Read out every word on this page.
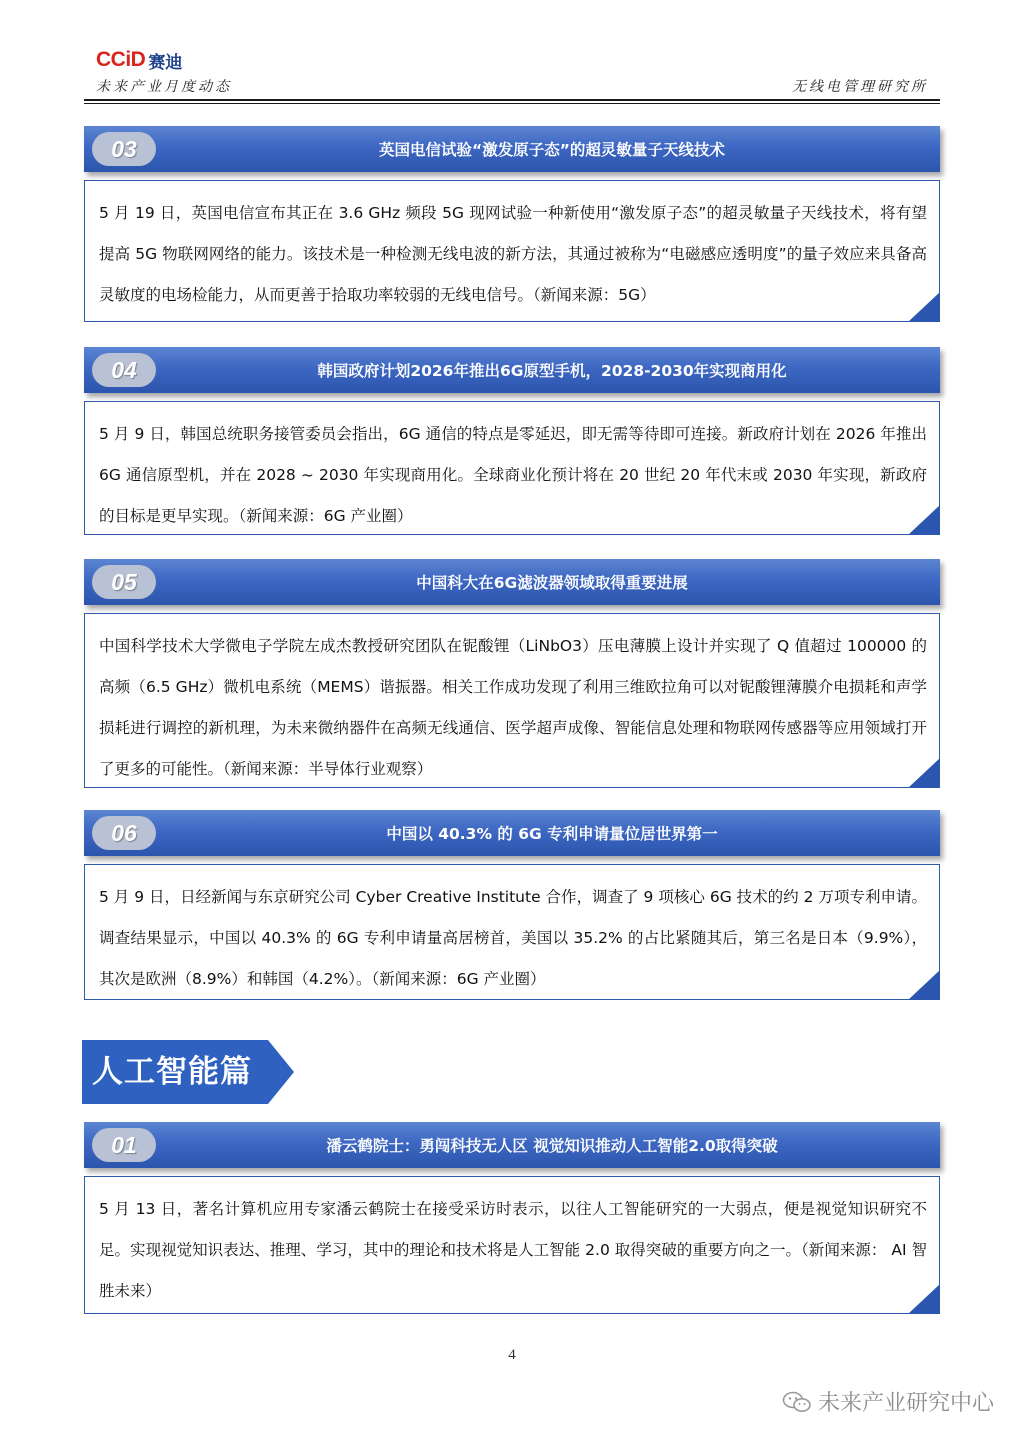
CCiD 赛迪
未来产业月度动态	无线电管理研究所
03	英国电信试验“激发原子态”的超灵敏量子天线技术

5 月 19 日，英国电信宣布其正在 3.6 GHz 频段 5G 现网试验一种新使用“激发原子态”的超灵敏量子天线技术，将有望提高 5G 物联网网络的能力。该技术是一种检测无线电波的新方法，其通过被称为“电磁感应透明度”的量子效应来具备高灵敏度的电场检能力，从而更善于拾取功率较弱的无线电信号。（新闻来源：5G）

04	韩国政府计划2026年推出6G原型手机，2028-2030年实现商用化

5 月 9 日，韩国总统职务接管委员会指出，6G 通信的特点是零延迟，即无需等待即可连接。新政府计划在 2026 年推出 6G 通信原型机，并在 2028 ~ 2030 年实现商用化。全球商业化预计将在 20 世纪 20 年代末或 2030 年实现，新政府的目标是更早实现。（新闻来源：6G 产业圈）

05	中国科大在6G滤波器领域取得重要进展

中国科学技术大学微电子学院左成杰教授研究团队在铌酸锂（LiNbO3）压电薄膜上设计并实现了 Q 值超过 100000 的高频（6.5 GHz）微机电系统（MEMS）谐振器。相关工作成功发现了利用三维欧拉角可以对铌酸锂薄膜介电损耗和声学损耗进行调控的新机理，为未来微纳器件在高频无线通信、医学超声成像、智能信息处理和物联网传感器等应用领域打开了更多的可能性。（新闻来源：半导体行业观察）

06	中国以 40.3% 的 6G 专利申请量位居世界第一

5 月 9 日，日经新闻与东京研究公司 Cyber Creative Institute 合作，调查了 9 项核心 6G 技术的约 2 万项专利申请。调查结果显示，中国以 40.3% 的 6G 专利申请量高居榜首，美国以 35.2% 的占比紧随其后，第三名是日本（9.9%），其次是欧洲（8.9%）和韩国（4.2%）。（新闻来源：6G 产业圈）

人工智能篇
01	潘云鹤院士：勇闯科技无人区 视觉知识推动人工智能2.0取得突破

5 月 13 日，著名计算机应用专家潘云鹤院士在接受采访时表示，以往人工智能研究的一大弱点，便是视觉知识研究不足。实现视觉知识表达、推理、学习，其中的理论和技术将是人工智能 2.0 取得突破的重要方向之一。（新闻来源： AI 智胜未来）

4
未来产业研究中心
